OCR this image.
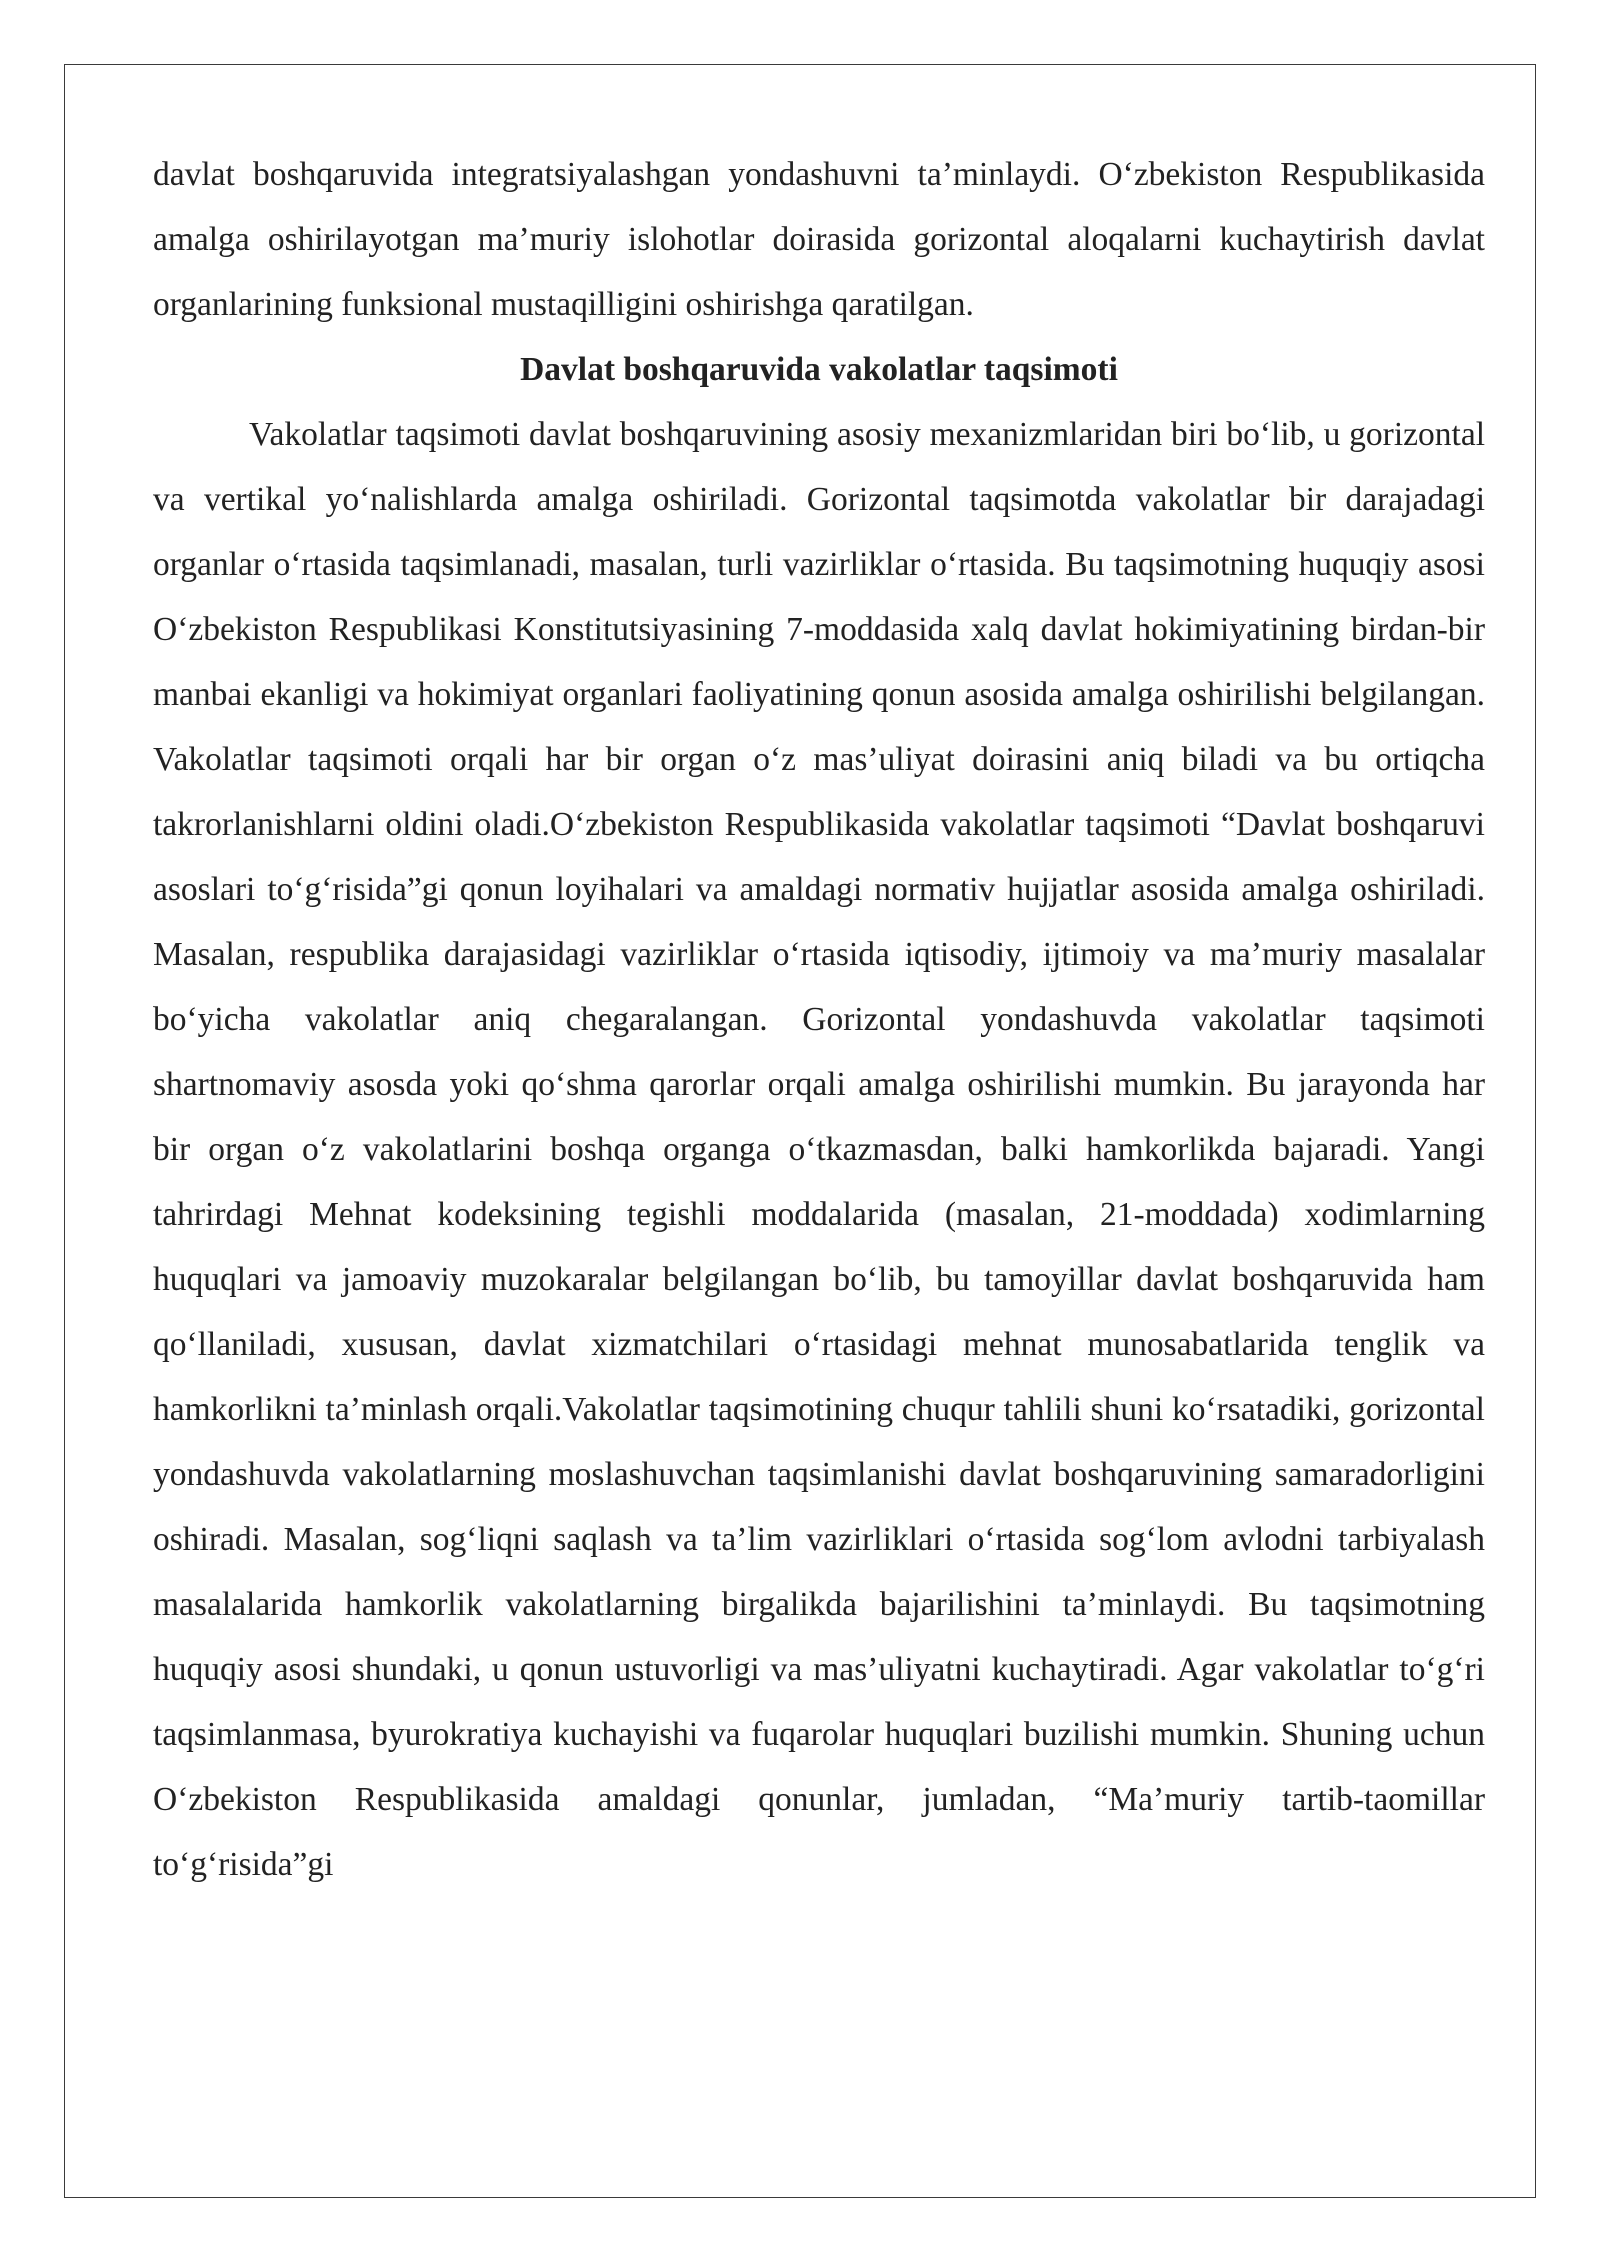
davlat boshqaruvida integratsiyalashgan yondashuvni ta’minlaydi. O‘zbekiston Respublikasida amalga oshirilayotgan ma’muriy islohotlar doirasida gorizontal aloqalarni kuchaytirish davlat organlarining funksional mustaqilligini oshirishga qaratilgan.

Davlat boshqaruvida vakolatlar taqsimoti

Vakolatlar taqsimoti davlat boshqaruvining asosiy mexanizmlaridan biri bo‘lib, u gorizontal va vertikal yo‘nalishlarda amalga oshiriladi. Gorizontal taqsimotda vakolatlar bir darajadagi organlar o‘rtasida taqsimlanadi, masalan, turli vazirliklar o‘rtasida. Bu taqsimotning huquqiy asosi O‘zbekiston Respublikasi Konstitutsiyasining 7-moddasida xalq davlat hokimiyatining birdan-bir manbai ekanligi va hokimiyat organlari faoliyatining qonun asosida amalga oshirilishi belgilangan. Vakolatlar taqsimoti orqali har bir organ o‘z mas’uliyat doirasini aniq biladi va bu ortiqcha takrorlanishlarni oldini oladi.O‘zbekiston Respublikasida vakolatlar taqsimoti “Davlat boshqaruvi asoslari to‘g‘risida”gi qonun loyihalari va amaldagi normativ hujjatlar asosida amalga oshiriladi. Masalan, respublika darajasidagi vazirliklar o‘rtasida iqtisodiy, ijtimoiy va ma’muriy masalalar bo‘yicha vakolatlar aniq chegaralangan. Gorizontal yondashuvda vakolatlar taqsimoti shartnomaviy asosda yoki qo‘shma qarorlar orqali amalga oshirilishi mumkin. Bu jarayonda har bir organ o‘z vakolatlarini boshqa organga o‘tkazmasdan, balki hamkorlikda bajaradi. Yangi tahrirdagi Mehnat kodeksining tegishli moddalarida (masalan, 21-moddada) xodimlarning huquqlari va jamoaviy muzokaralar belgilangan bo‘lib, bu tamoyillar davlat boshqaruvida ham qo‘llaniladi, xususan, davlat xizmatchilari o‘rtasidagi mehnat munosabatlarida tenglik va hamkorlikni ta’minlash orqali.Vakolatlar taqsimotining chuqur tahlili shuni ko‘rsatadiki, gorizontal yondashuvda vakolatlarning moslashuvchan taqsimlanishi davlat boshqaruvining samaradorligini oshiradi. Masalan, sog‘liqni saqlash va ta’lim vazirliklari o‘rtasida sog‘lom avlodni tarbiyalash masalalarida hamkorlik vakolatlarning birgalikda bajarilishini ta’minlaydi. Bu taqsimotning huquqiy asosi shundaki, u qonun ustuvorligi va mas’uliyatni kuchaytiradi. Agar vakolatlar to‘g‘ri taqsimlanmasa, byurokratiya kuchayishi va fuqarolar huquqlari buzilishi mumkin. Shuning uchun O‘zbekiston Respublikasida amaldagi qonunlar, jumladan, “Ma’muriy tartib-taomillar to‘g‘risida”gi
